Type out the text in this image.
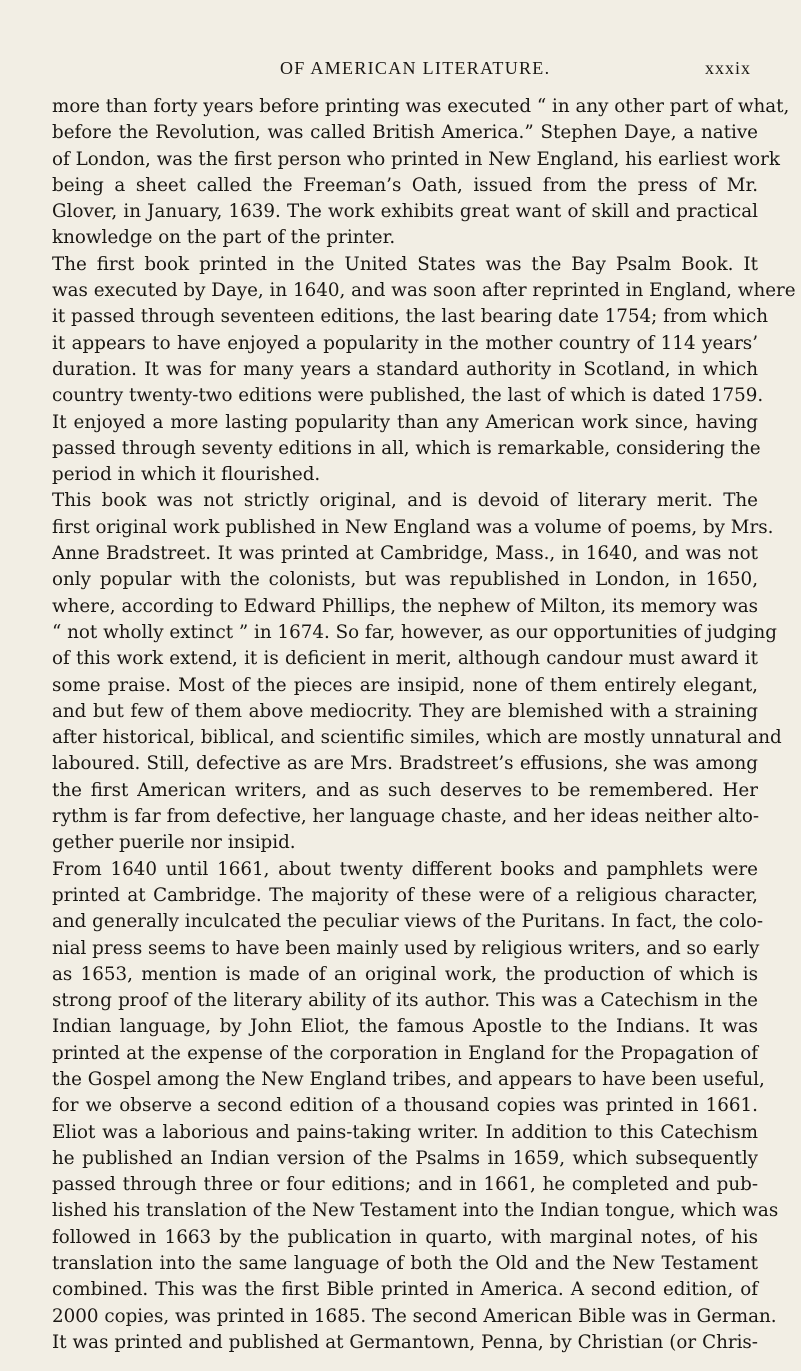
OF AMERICAN LITERATURE.	xxxix
more than forty years before printing was executed “ in any other part of what,
before the Revolution, was called British America.” Stephen Daye, a native
of London, was the first person who printed in New England, his earliest work
being a sheet called the Freeman’s Oath, issued from the press of Mr.
Glover, in January, 1639. The work exhibits great want of skill and practical
knowledge on the part of the printer.
The first book printed in the United States was the Bay Psalm Book. It
was executed by Daye, in 1640, and was soon after reprinted in England, where
it passed through seventeen editions, the last bearing date 1754; from which
it appears to have enjoyed a popularity in the mother country of 114 years’
duration. It was for many years a standard authority in Scotland, in which
country twenty-two editions were published, the last of which is dated 1759.
It enjoyed a more lasting popularity than any American work since, having
passed through seventy editions in all, which is remarkable, considering the
period in which it flourished.
This book was not strictly original, and is devoid of literary merit. The
first original work published in New England was a volume of poems, by Mrs.
Anne Bradstreet. It was printed at Cambridge, Mass., in 1640, and was not
only popular with the colonists, but was republished in London, in 1650,
where, according to Edward Phillips, the nephew of Milton, its memory was
“ not wholly extinct ” in 1674. So far, however, as our opportunities of judging
of this work extend, it is deficient in merit, although candour must award it
some praise. Most of the pieces are insipid, none of them entirely elegant,
and but few of them above mediocrity. They are blemished with a straining
after historical, biblical, and scientific similes, which are mostly unnatural and
laboured. Still, defective as are Mrs. Bradstreet’s effusions, she was among
the first American writers, and as such deserves to be remembered. Her
rythm is far from defective, her language chaste, and her ideas neither alto-
gether puerile nor insipid.
From 1640 until 1661, about twenty different books and pamphlets were
printed at Cambridge. The majority of these were of a religious character,
and generally inculcated the peculiar views of the Puritans. In fact, the colo-
nial press seems to have been mainly used by religious writers, and so early
as 1653, mention is made of an original work, the production of which is
strong proof of the literary ability of its author. This was a Catechism in the
Indian language, by John Eliot, the famous Apostle to the Indians. It was
printed at the expense of the corporation in England for the Propagation of
the Gospel among the New England tribes, and appears to have been useful,
for we observe a second edition of a thousand copies was printed in 1661.
Eliot was a laborious and pains-taking writer. In addition to this Catechism
he published an Indian version of the Psalms in 1659, which subsequently
passed through three or four editions; and in 1661, he completed and pub-
lished his translation of the New Testament into the Indian tongue, which was
followed in 1663 by the publication in quarto, with marginal notes, of his
translation into the same language of both the Old and the New Testament
combined. This was the first Bible printed in America. A second edition, of
2000 copies, was printed in 1685. The second American Bible was in German.
It was printed and published at Germantown, Penna, by Christian (or Chris-
